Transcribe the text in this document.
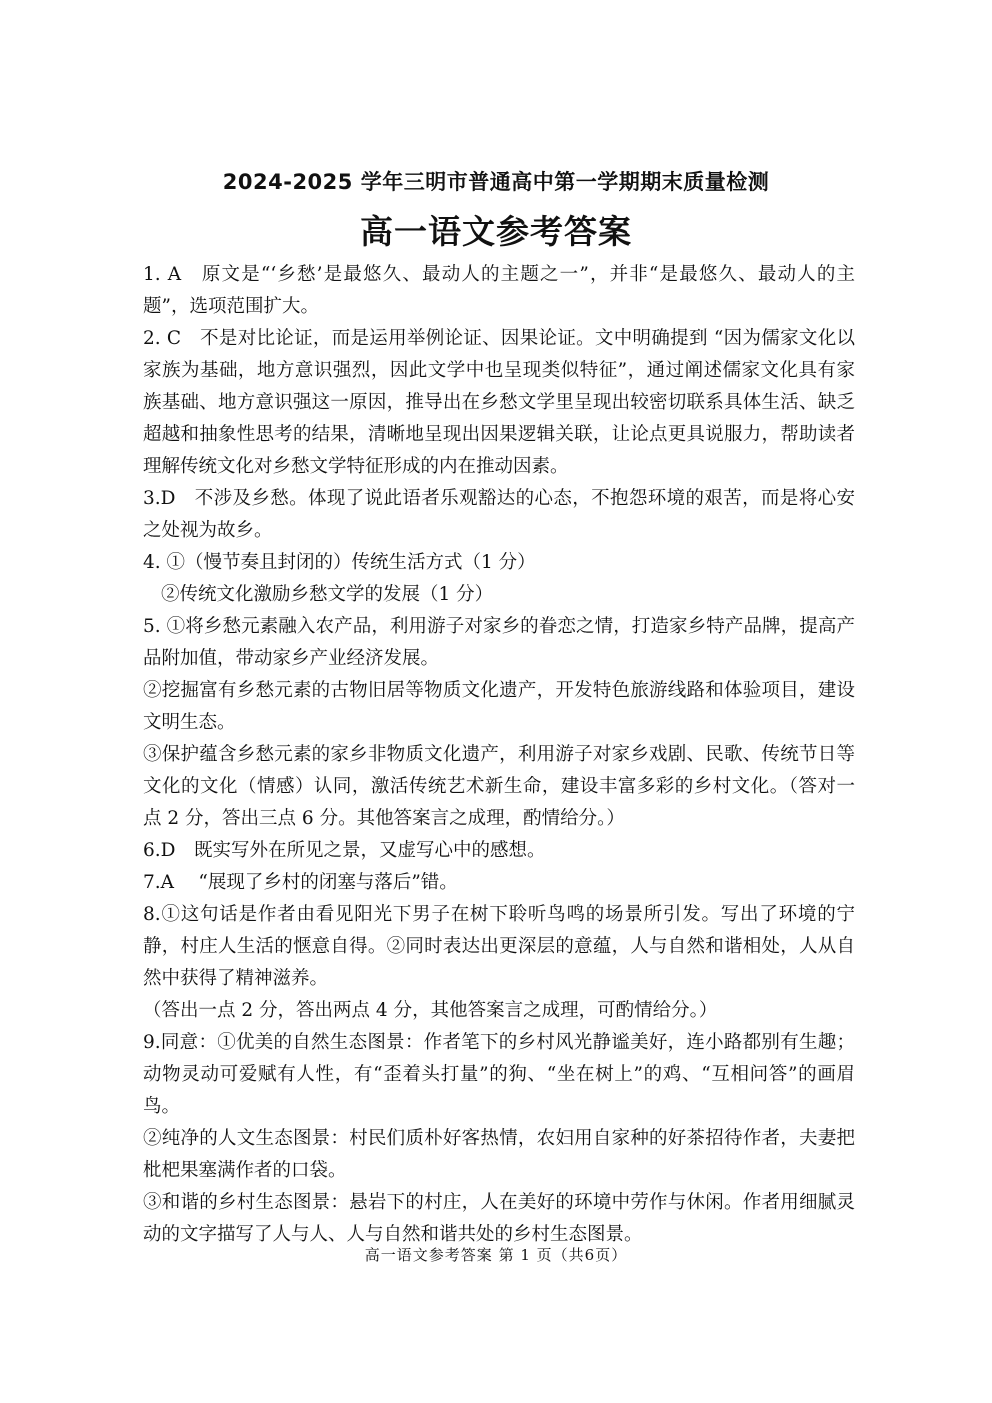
2024-2025 学年三明市普通高中第一学期期末质量检测
高一语文参考答案

1. A　原文是“‘乡愁’是最悠久、最动人的主题之一”，并非“是最悠久、最动人的主题”，选项范围扩大。

2. C　不是对比论证，而是运用举例论证、因果论证。文中明确提到 “因为儒家文化以家族为基础，地方意识强烈，因此文学中也呈现类似特征”，通过阐述儒家文化具有家族基础、地方意识强这一原因，推导出在乡愁文学里呈现出较密切联系具体生活、缺乏超越和抽象性思考的结果，清晰地呈现出因果逻辑关联，让论点更具说服力，帮助读者理解传统文化对乡愁文学特征形成的内在推动因素。

3.D　不涉及乡愁。体现了说此语者乐观豁达的心态，不抱怨环境的艰苦，而是将心安之处视为故乡。

4. ①（慢节奏且封闭的）传统生活方式（1 分）

②传统文化激励乡愁文学的发展（1 分）

5. ①将乡愁元素融入农产品，利用游子对家乡的眷恋之情，打造家乡特产品牌，提高产品附加值，带动家乡产业经济发展。

②挖掘富有乡愁元素的古物旧居等物质文化遗产，开发特色旅游线路和体验项目，建设文明生态。

③保护蕴含乡愁元素的家乡非物质文化遗产，利用游子对家乡戏剧、民歌、传统节日等文化的文化（情感）认同，激活传统艺术新生命，建设丰富多彩的乡村文化。（答对一点 2 分，答出三点 6 分。其他答案言之成理，酌情给分。）

6.D　既实写外在所见之景，又虚写心中的感想。

7.A　 “展现了乡村的闭塞与落后”错。

8.①这句话是作者由看见阳光下男子在树下聆听鸟鸣的场景所引发。写出了环境的宁静，村庄人生活的惬意自得。②同时表达出更深层的意蕴，人与自然和谐相处，人从自然中获得了精神滋养。

（答出一点 2 分，答出两点 4 分，其他答案言之成理，可酌情给分。）

9.同意：①优美的自然生态图景：作者笔下的乡村风光静谧美好，连小路都别有生趣；动物灵动可爱赋有人性，有“歪着头打量”的狗、“坐在树上”的鸡、“互相问答”的画眉鸟。

②纯净的人文生态图景：村民们质朴好客热情，农妇用自家种的好茶招待作者，夫妻把枇杷果塞满作者的口袋。

③和谐的乡村生态图景：悬岩下的村庄，人在美好的环境中劳作与休闲。作者用细腻灵动的文字描写了人与人、人与自然和谐共处的乡村生态图景。

高一语文参考答案 第 1 页（共6页）
